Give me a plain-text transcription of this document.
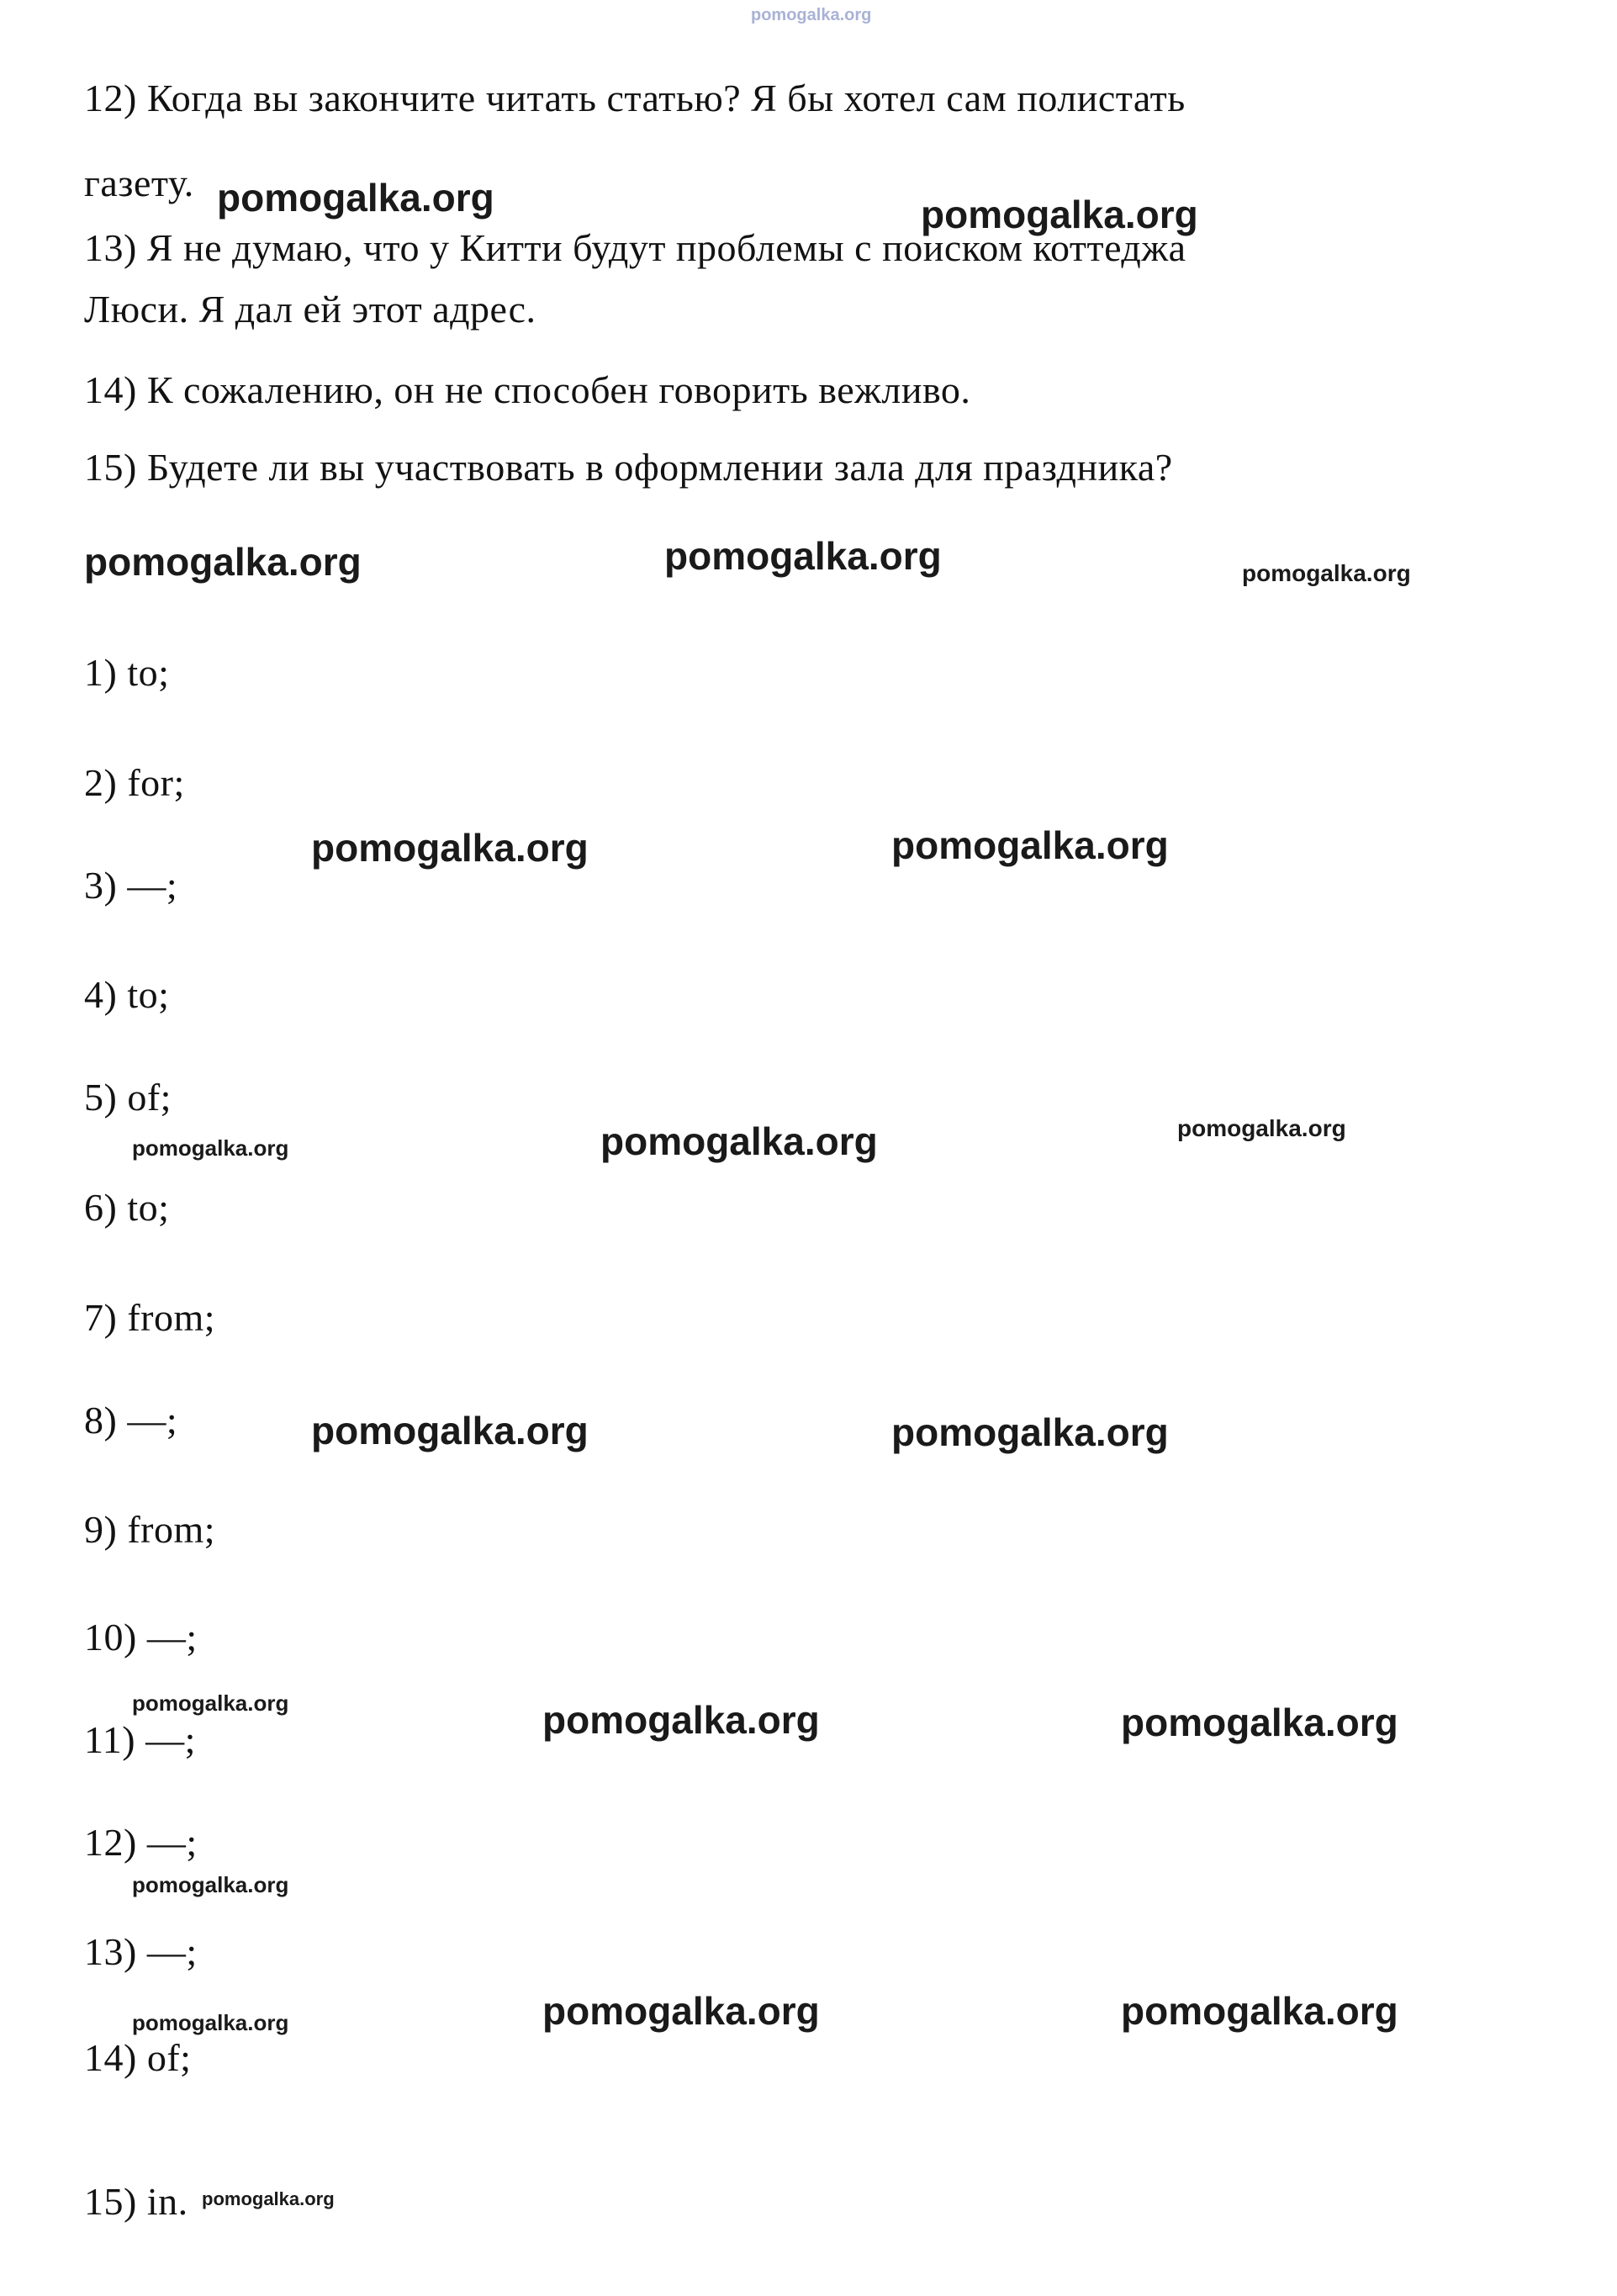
pomogalka.org

12) Когда вы закончите читать статью? Я бы хотел сам полистать

газету. pomogalka.org	pomogalka.org

13) Я не думаю, что у Китти будут проблемы с поиском коттеджа

Люси. Я дал ей этот адрес.

14) К сожалению, он не способен говорить вежливо.

15) Будете ли вы участвовать в оформлении зала для праздника?

pomogalka.org	pomogalka.org	pomogalka.org

1) to;

2) for;

3) —;

4) to;

5) of;

6) to;

7) from;

8) —;

9) from;

10) —;

11) —;

12) —;

13) —;

14) of;

15) in.

pomogalka.org	pomogalka.org
pomogalka.org	pomogalka.org	pomogalka.org
pomogalka.org	pomogalka.org
pomogalka.org	pomogalka.org	pomogalka.org
pomogalka.org
pomogalka.org	pomogalka.org	pomogalka.org
pomogalka.org
